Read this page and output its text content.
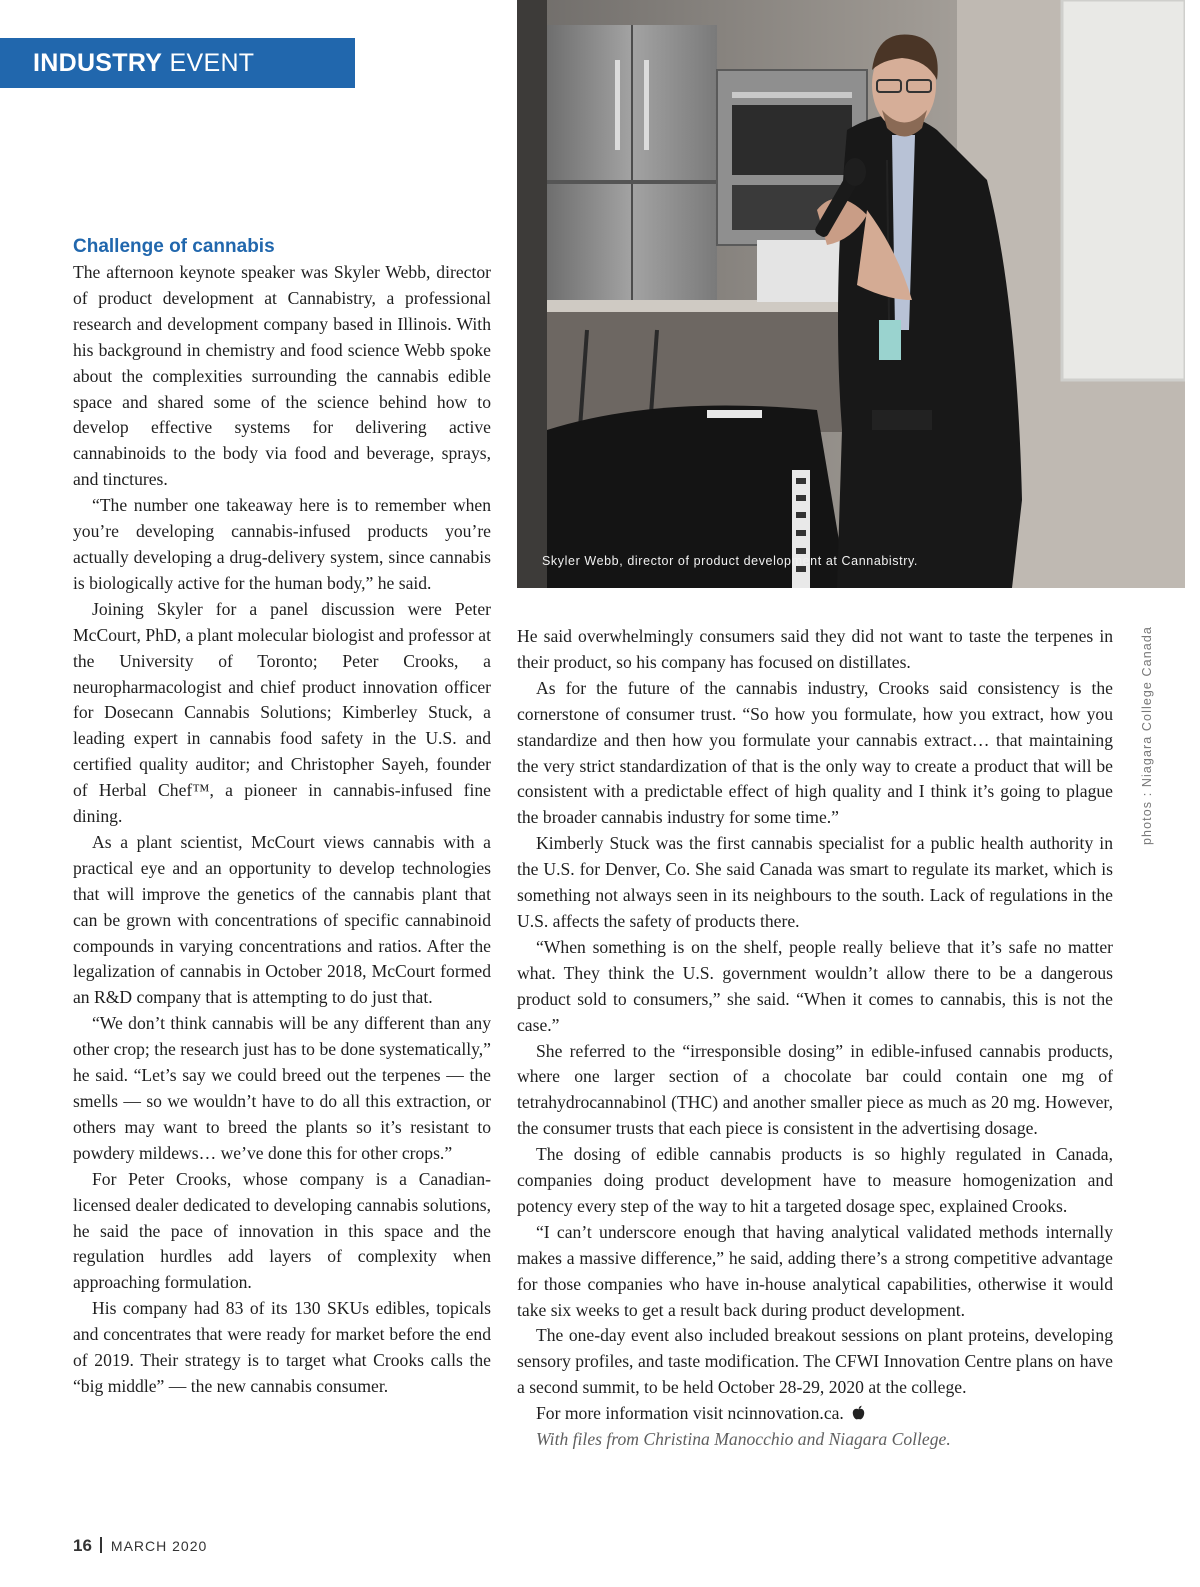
INDUSTRY EVENT
Skyler Webb, director of product development at Cannabistry.
photos : Niagara College Canada
Challenge of cannabis

The afternoon keynote speaker was Skyler Webb, director of product development at Cannabistry, a professional research and development company based in Illinois. With his background in chemistry and food science Webb spoke about the complexities surrounding the cannabis edible space and shared some of the science behind how to develop effective systems for delivering active cannabinoids to the body via food and beverage, sprays, and tinctures.

“The number one takeaway here is to remember when you’re developing cannabis-infused products you’re actually developing a drug-delivery system, since cannabis is biologically active for the human body,” he said.

Joining Skyler for a panel discussion were Peter McCourt, PhD, a plant molecular biologist and professor at the University of Toronto; Peter Crooks, a neuropharmacologist and chief product innovation officer for Dosecann Cannabis Solutions; Kimberley Stuck, a leading expert in cannabis food safety in the U.S. and certified quality auditor; and Christopher Sayeh, founder of Herbal Chef™, a pioneer in cannabis-infused fine dining.

As a plant scientist, McCourt views cannabis with a practical eye and an opportunity to develop technologies that will improve the genetics of the cannabis plant that can be grown with concentrations of specific cannabinoid compounds in varying concentrations and ratios. After the legalization of cannabis in October 2018, McCourt formed an R&D company that is attempting to do just that.

“We don’t think cannabis will be any different than any other crop; the research just has to be done systematically,” he said. “Let’s say we could breed out the terpenes — the smells — so we wouldn’t have to do all this extraction, or others may want to breed the plants so it’s resistant to powdery mildews… we’ve done this for other crops.”

For Peter Crooks, whose company is a Canadian-licensed dealer dedicated to developing cannabis solutions, he said the pace of innovation in this space and the regulation hurdles add layers of complexity when approaching formulation.

His company had 83 of its 130 SKUs edibles, topicals and concentrates that were ready for market before the end of 2019. Their strategy is to target what Crooks calls the “big middle” — the new cannabis consumer.

He said overwhelmingly consumers said they did not want to taste the terpenes in their product, so his company has focused on distillates.

As for the future of the cannabis industry, Crooks said consistency is the cornerstone of consumer trust. “So how you formulate, how you extract, how you standardize and then how you formulate your cannabis extract… that maintaining the very strict standardization of that is the only way to create a product that will be consistent with a predictable effect of high quality and I think it’s going to plague the broader cannabis industry for some time.”

Kimberly Stuck was the first cannabis specialist for a public health authority in the U.S. for Denver, Co. She said Canada was smart to regulate its market, which is something not always seen in its neighbours to the south. Lack of regulations in the U.S. affects the safety of products there.

“When something is on the shelf, people really believe that it’s safe no matter what. They think the U.S. government wouldn’t allow there to be a dangerous product sold to consumers,” she said. “When it comes to cannabis, this is not the case.”

She referred to the “irresponsible dosing” in edible-infused cannabis products, where one larger section of a chocolate bar could contain one mg of tetrahydrocannabinol (THC) and another smaller piece as much as 20 mg. However, the consumer trusts that each piece is consistent in the advertising dosage.

The dosing of edible cannabis products is so highly regulated in Canada, companies doing product development have to measure homogenization and potency every step of the way to hit a targeted dosage spec, explained Crooks.

“I can’t underscore enough that having analytical validated methods internally makes a massive difference,” he said, adding there’s a strong competitive advantage for those companies who have in-house analytical capabilities, otherwise it would take six weeks to get a result back during product development.

The one-day event also included breakout sessions on plant proteins, developing sensory profiles, and taste modification. The CFWI Innovation Centre plans on have a second summit, to be held October 28-29, 2020 at the college.

For more information visit ncinnovation.ca.

With files from Christina Manocchio and Niagara College.

16 MARCH 2020
